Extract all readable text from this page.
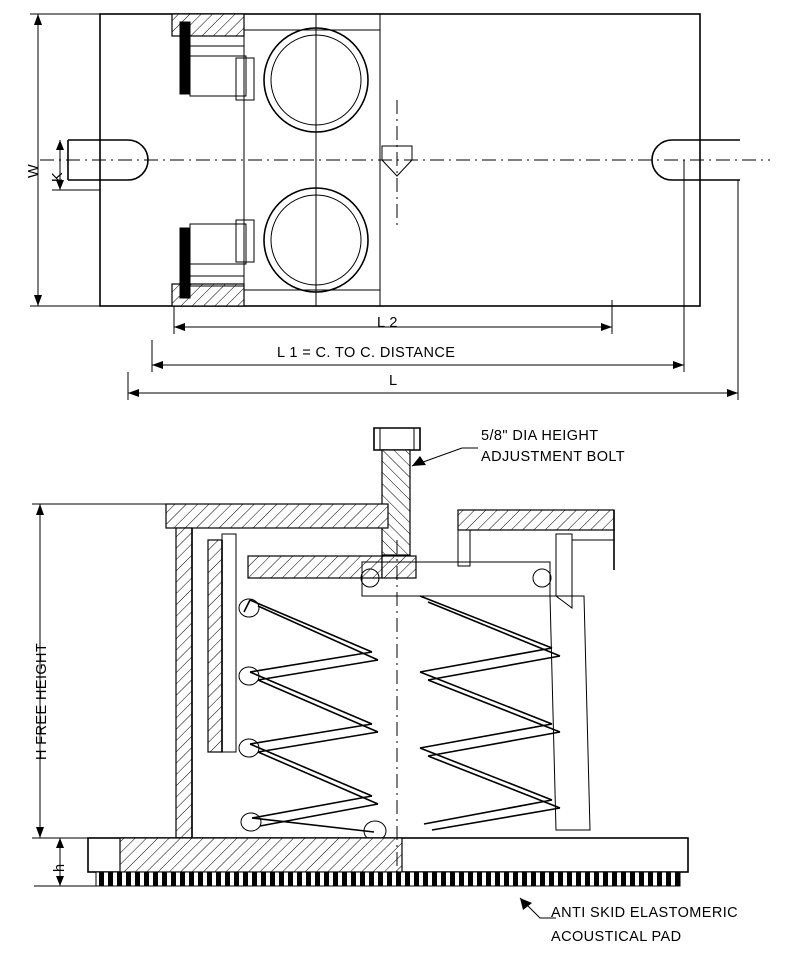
W K
L 2
L 1 = C. TO C. DISTANCE
L
H FREE HEIGHT
h
5/8" DIA HEIGHT
ADJUSTMENT BOLT
ANTI SKID ELASTOMERIC
ACOUSTICAL PAD
